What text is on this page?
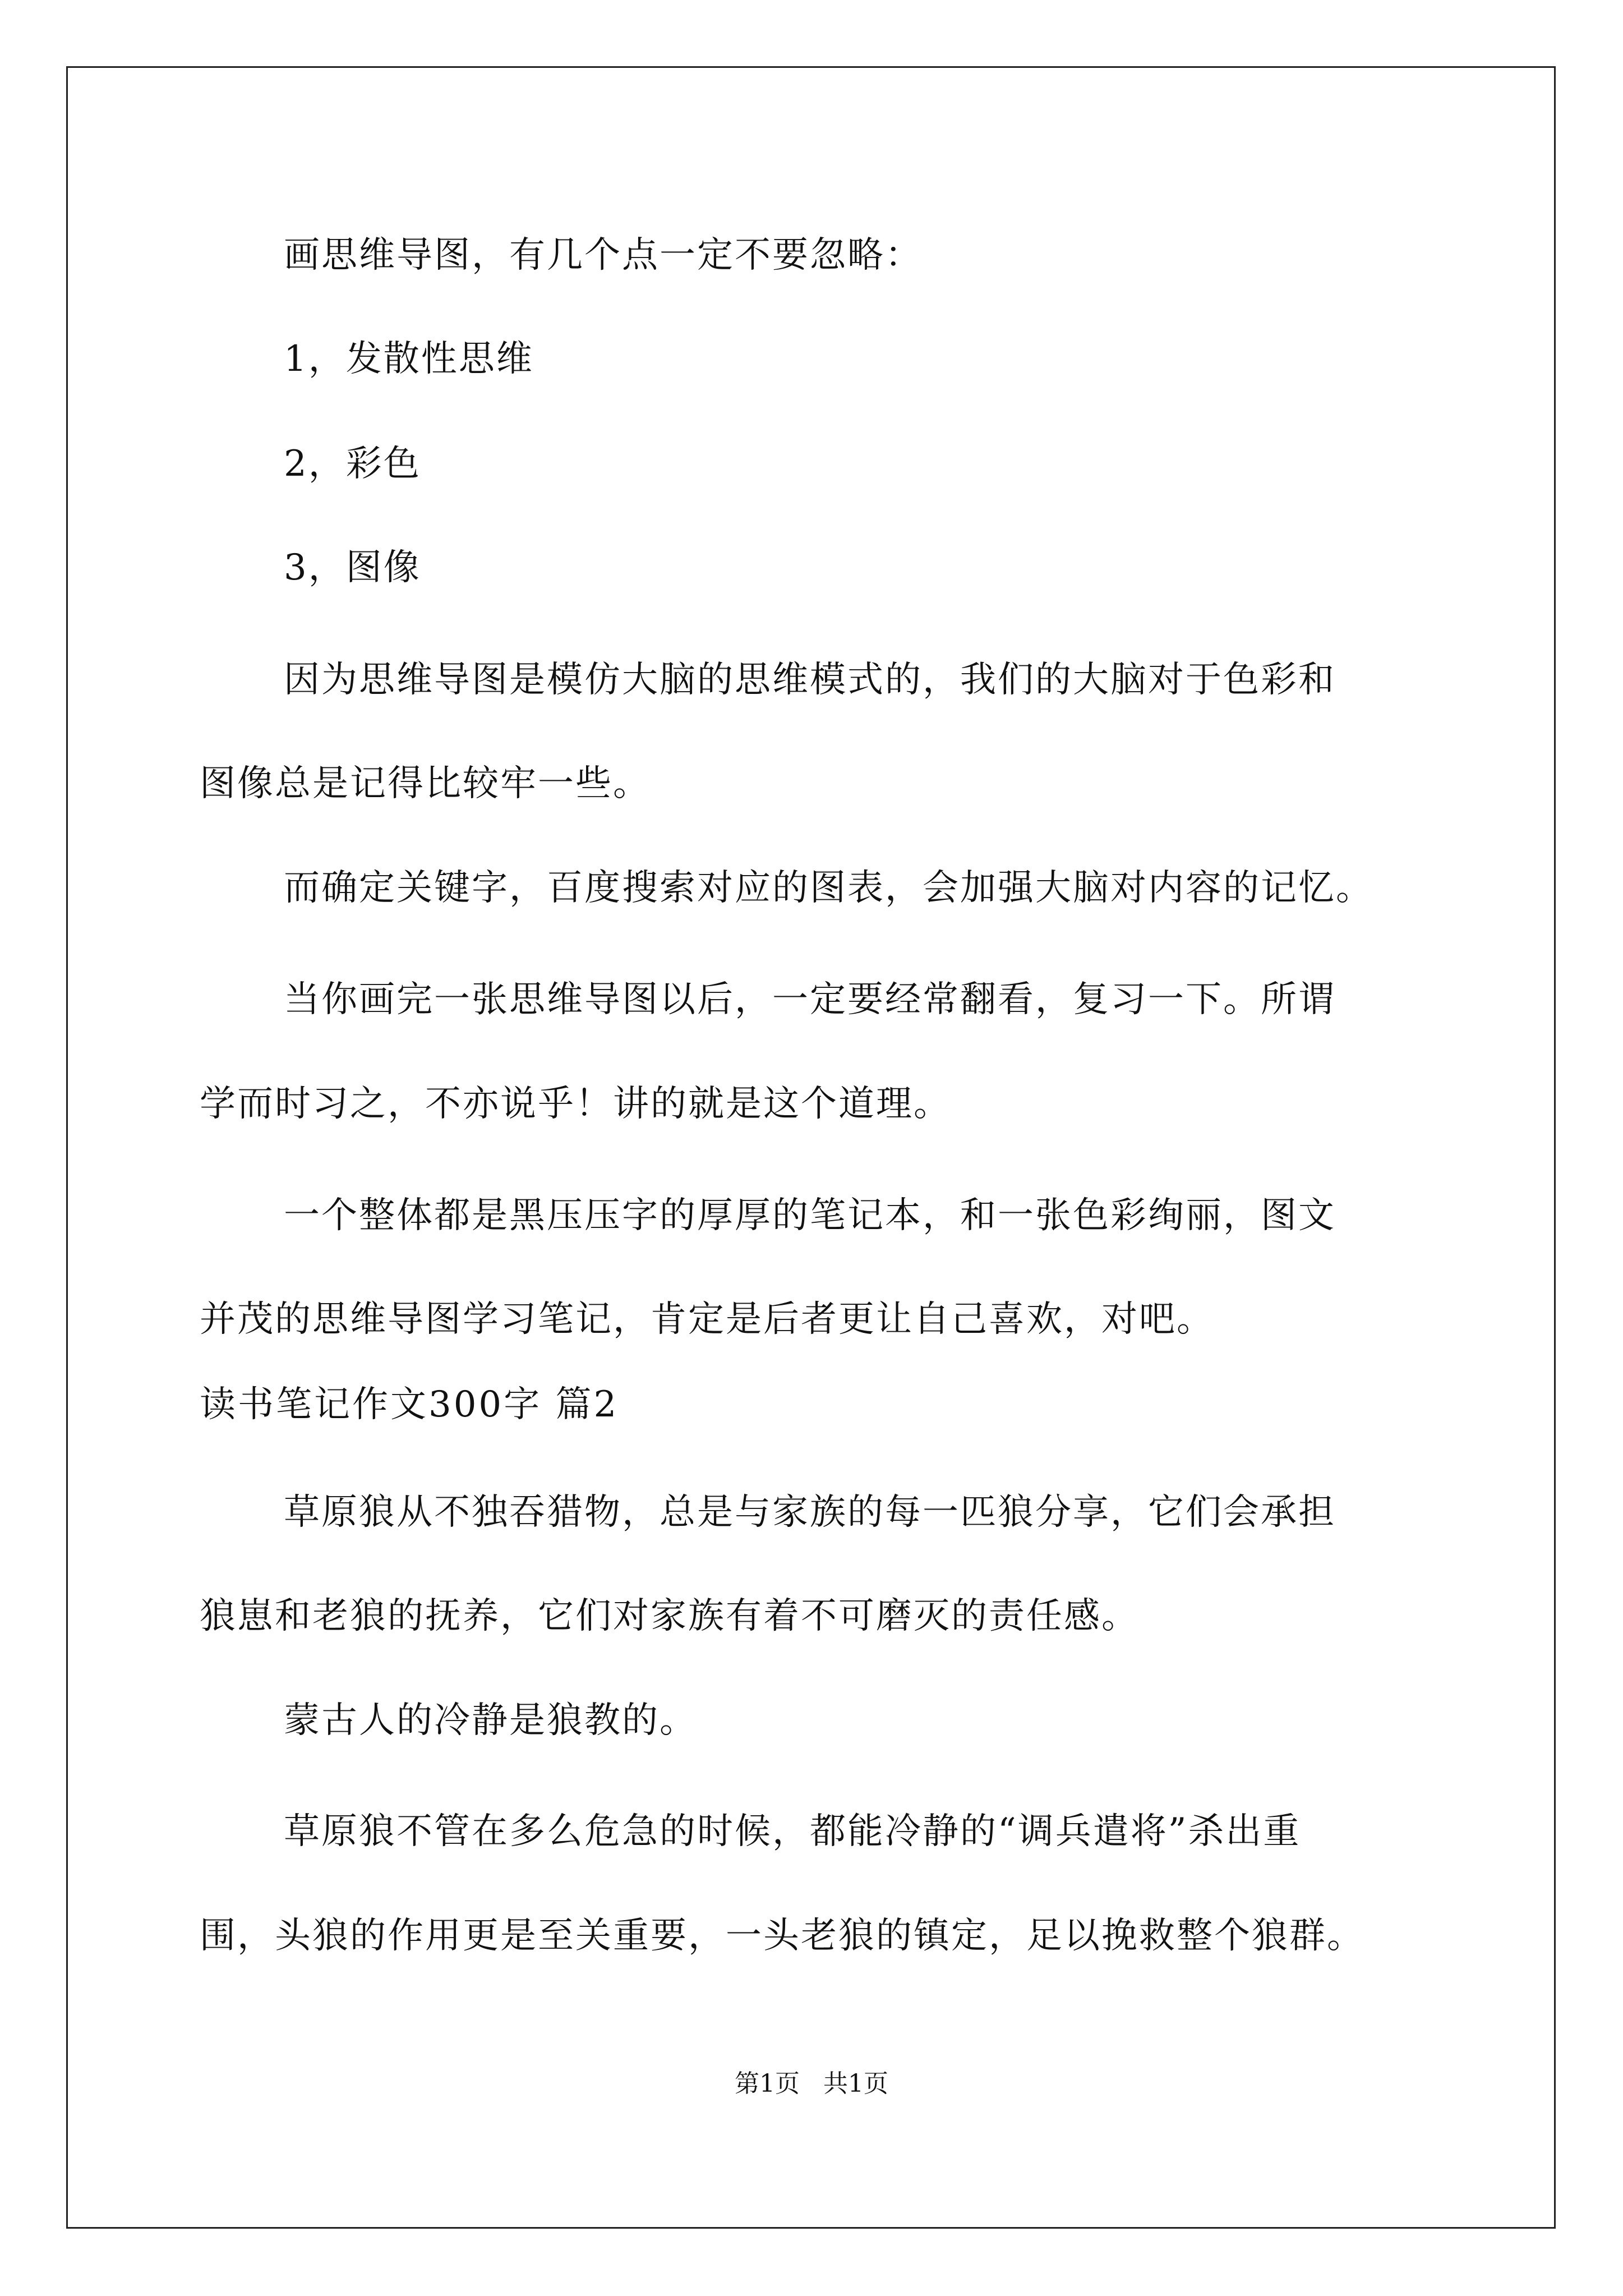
画思维导图，有几个点一定不要忽略：
1，发散性思维
2，彩色
3，图像
因为思维导图是模仿大脑的思维模式的，我们的大脑对于色彩和
图像总是记得比较牢一些。
而确定关键字，百度搜索对应的图表，会加强大脑对内容的记忆。
当你画完一张思维导图以后，一定要经常翻看，复习一下。所谓
学而时习之，不亦说乎！讲的就是这个道理。
一个整体都是黑压压字的厚厚的笔记本，和一张色彩绚丽，图文
并茂的思维导图学习笔记，肯定是后者更让自己喜欢，对吧。
读书笔记作文300字 篇2
草原狼从不独吞猎物，总是与家族的每一匹狼分享，它们会承担
狼崽和老狼的抚养，它们对家族有着不可磨灭的责任感。
蒙古人的冷静是狼教的。
草原狼不管在多么危急的时候，都能冷静的“调兵遣将”杀出重
围，头狼的作用更是至关重要，一头老狼的镇定，足以挽救整个狼群。
第1页   共1页
